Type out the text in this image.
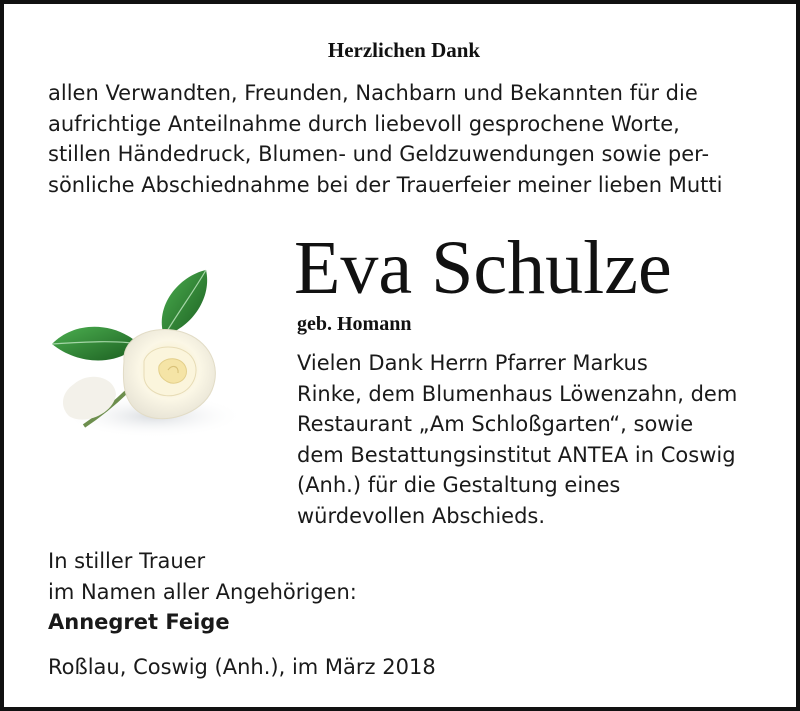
Herzlichen Dank
allen Verwandten, Freunden, Nachbarn und Bekannten für die
aufrichtige Anteilnahme durch liebevoll gesprochene Worte,
stillen Händedruck, Blumen- und Geldzuwendungen sowie per-
sönliche Abschiednahme bei der Trauerfeier meiner lieben Mutti
Eva Schulze
geb. Homann
Vielen Dank Herrn Pfarrer Markus
Rinke, dem Blumenhaus Löwenzahn, dem
Restaurant „Am Schloßgarten“, sowie
dem Bestattungsinstitut ANTEA in Coswig
(Anh.) für die Gestaltung eines
würdevollen Abschieds.
In stiller Trauer
im Namen aller Angehörigen:
Annegret Feige
Roßlau, Coswig (Anh.), im März 2018
